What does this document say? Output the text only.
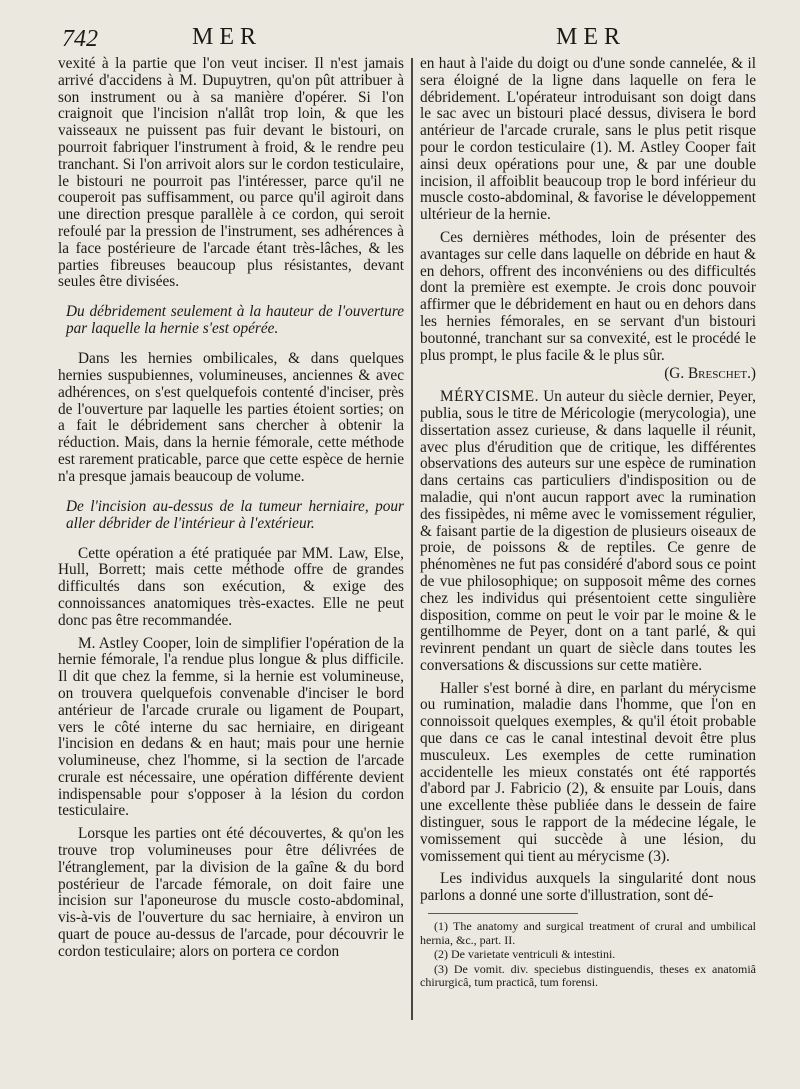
742	MER	MER

vexité à la partie que l'on veut inciser. Il n'est jamais arrivé d'accidens à M. Dupuytren, qu'on pût attribuer à son instrument ou à sa manière d'opérer. Si l'on craignoit que l'incision n'allât trop loin, & que les vaisseaux ne puissent pas fuir devant le bistouri, on pourroit fabriquer l'instrument à froid, & le rendre peu tranchant. Si l'on arrivoit alors sur le cordon testiculaire, le bistouri ne pourroit pas l'intéresser, parce qu'il ne couperoit pas suffisamment, ou parce qu'il agiroit dans une direction presque parallèle à ce cordon, qui seroit refoulé par la pression de l'instrument, ses adhérences à la face postérieure de l'arcade étant très-lâches, & les parties fibreuses beaucoup plus résistantes, devant seules être divisées.

Du débridement seulement à la hauteur de l'ouverture par laquelle la hernie s'est opérée.

Dans les hernies ombilicales, & dans quelques hernies suspubiennes, volumineuses, anciennes & avec adhérences, on s'est quelquefois contenté d'inciser, près de l'ouverture par laquelle les parties étoient sorties; on a fait le débridement sans chercher à obtenir la réduction. Mais, dans la hernie fémorale, cette méthode est rarement praticable, parce que cette espèce de hernie n'a presque jamais beaucoup de volume.

De l'incision au-dessus de la tumeur herniaire, pour aller débrider de l'intérieur à l'extérieur.

Cette opération a été pratiquée par MM. Law, Else, Hull, Borrett; mais cette méthode offre de grandes difficultés dans son exécution, & exige des connoissances anatomiques très-exactes. Elle ne peut donc pas être recommandée.

M. Astley Cooper, loin de simplifier l'opération de la hernie fémorale, l'a rendue plus longue & plus difficile. Il dit que chez la femme, si la hernie est volumineuse, on trouvera quelquefois convenable d'inciser le bord antérieur de l'arcade crurale ou ligament de Poupart, vers le côté interne du sac herniaire, en dirigeant l'incision en dedans & en haut; mais pour une hernie volumineuse, chez l'homme, si la section de l'arcade crurale est nécessaire, une opération différente devient indispensable pour s'opposer à la lésion du cordon testiculaire.

Lorsque les parties ont été découvertes, & qu'on les trouve trop volumineuses pour être délivrées de l'étranglement, par la division de la gaîne & du bord postérieur de l'arcade fémorale, on doit faire une incision sur l'aponeurose du muscle costo-abdominal, vis-à-vis de l'ouverture du sac herniaire, à environ un quart de pouce au-dessus de l'arcade, pour découvrir le cordon testiculaire; alors on portera ce cordon

en haut à l'aide du doigt ou d'une sonde cannelée, & il sera éloigné de la ligne dans laquelle on fera le débridement. L'opérateur introduisant son doigt dans le sac avec un bistouri placé dessus, divisera le bord antérieur de l'arcade crurale, sans le plus petit risque pour le cordon testiculaire (1). M. Astley Cooper fait ainsi deux opérations pour une, & par une double incision, il affoiblit beaucoup trop le bord inférieur du muscle costo-abdominal, & favorise le développement ultérieur de la hernie.

Ces dernières méthodes, loin de présenter des avantages sur celle dans laquelle on débride en haut & en dehors, offrent des inconvéniens ou des difficultés dont la première est exempte. Je crois donc pouvoir affirmer que le débridement en haut ou en dehors dans les hernies fémorales, en se servant d'un bistouri boutonné, tranchant sur sa convexité, est le procédé le plus prompt, le plus facile & le plus sûr.

(G. Breschet.)

MÉRYCISME. Un auteur du siècle dernier, Peyer, publia, sous le titre de Méricologie (merycologia), une dissertation assez curieuse, & dans laquelle il réunit, avec plus d'érudition que de critique, les différentes observations des auteurs sur une espèce de rumination dans certains cas particuliers d'indisposition ou de maladie, qui n'ont aucun rapport avec la rumination des fissipèdes, ni même avec le vomissement régulier, & faisant partie de la digestion de plusieurs oiseaux de proie, de poissons & de reptiles. Ce genre de phénomènes ne fut pas considéré d'abord sous ce point de vue philosophique; on supposoit même des cornes chez les individus qui présentoient cette singulière disposition, comme on peut le voir par le moine & le gentilhomme de Peyer, dont on a tant parlé, & qui revinrent pendant un quart de siècle dans toutes les conversations & discussions sur cette matière.

Haller s'est borné à dire, en parlant du mérycisme ou rumination, maladie dans l'homme, que l'on en connoissoit quelques exemples, & qu'il étoit probable que dans ce cas le canal intestinal devoit être plus musculeux. Les exemples de cette rumination accidentelle les mieux constatés ont été rapportés d'abord par J. Fabricio (2), & ensuite par Louis, dans une excellente thèse publiée dans le dessein de faire distinguer, sous le rapport de la médecine légale, le vomissement qui succède à une lésion, du vomissement qui tient au mérycisme (3).

Les individus auxquels la singularité dont nous parlons a donné une sorte d'illustration, sont dé-

(1) The anatomy and surgical treatment of crural and umbilical hernia, &c., part. II.

(2) De varietate ventriculi & intestini.

(3) De vomit. div. speciebus distinguendis, theses ex anatomiâ chirurgicâ, tum practicâ, tum forensi.
